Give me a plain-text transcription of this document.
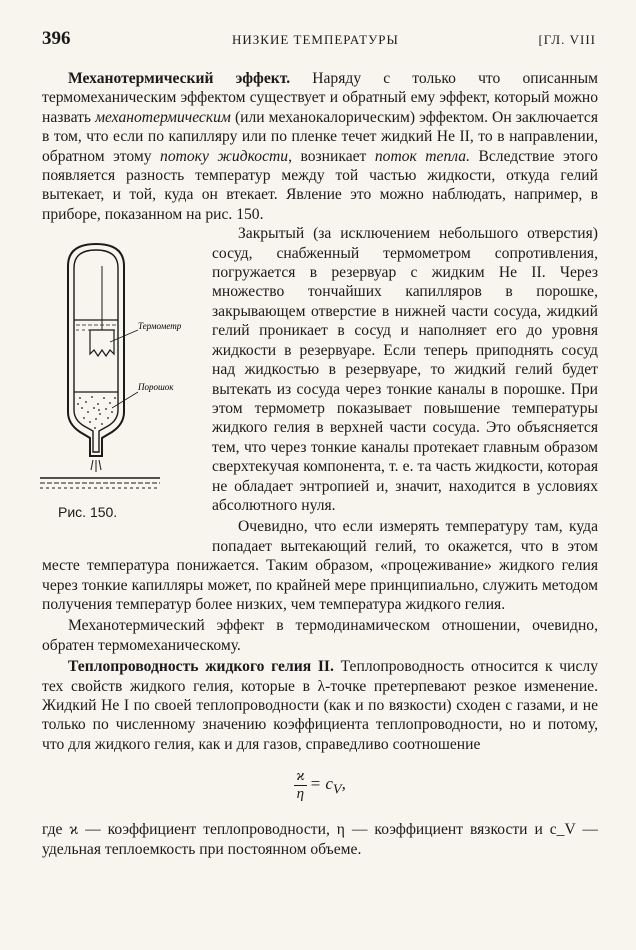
396	НИЗКИЕ ТЕМПЕРАТУРЫ	[ГЛ. VIII

Механотермический эффект. Наряду с только что описанным термомеханическим эффектом существует и обратный ему эффект, который можно назвать механотермическим (или механокалорическим) эффектом. Он заключается в том, что если по капилляру или по пленке течет жидкий He II, то в направлении, обратном этому потоку жидкости, возникает поток тепла. Вследствие этого появляется разность температур между той частью жидкости, откуда гелий вытекает, и той, куда он втекает. Явление это можно наблюдать, например, в приборе, показанном на рис. 150.

Термометр
Порошок
Рис. 150.

Закрытый (за исключением небольшого отверстия) сосуд, снабженный термометром сопротивления, погружается в резервуар с жидким He II. Через множество тончайших капилляров в порошке, закрывающем отверстие в нижней части сосуда, жидкий гелий проникает в сосуд и наполняет его до уровня жидкости в резервуаре. Если теперь приподнять сосуд над жидкостью в резервуаре, то жидкий гелий будет вытекать из сосуда через тонкие каналы в порошке. При этом термометр показывает повышение температуры жидкого гелия в верхней части сосуда. Это объясняется тем, что через тонкие каналы протекает главным образом сверхтекучая компонента, т. е. та часть жидкости, которая не обладает энтропией и, значит, находится в условиях абсолютного нуля.

Очевидно, что если измерять температуру там, куда попадает вытекающий гелий, то окажется, что в этом месте температура понижается. Таким образом, «процеживание» жидкого гелия через тонкие капилляры может, по крайней мере принципиально, служить методом получения температур более низких, чем температура жидкого гелия.

Механотермический эффект в термодинамическом отношении, очевидно, обратен термомеханическому.

Теплопроводность жидкого гелия II. Теплопроводность относится к числу тех свойств жидкого гелия, которые в λ-точке претерпевают резкое изменение. Жидкий He I по своей теплопроводности (как и по вязкости) сходен с газами, и не только по численному значению коэффициента теплопроводности, но и потому, что для жидкого гелия, как и для газов, справедливо соотношение

$\frac{ϰ}{\eta} = c_V$,

где ϰ — коэффициент теплопроводности, η — коэффициент вязкости и c_V — удельная теплоемкость при постоянном объеме.
